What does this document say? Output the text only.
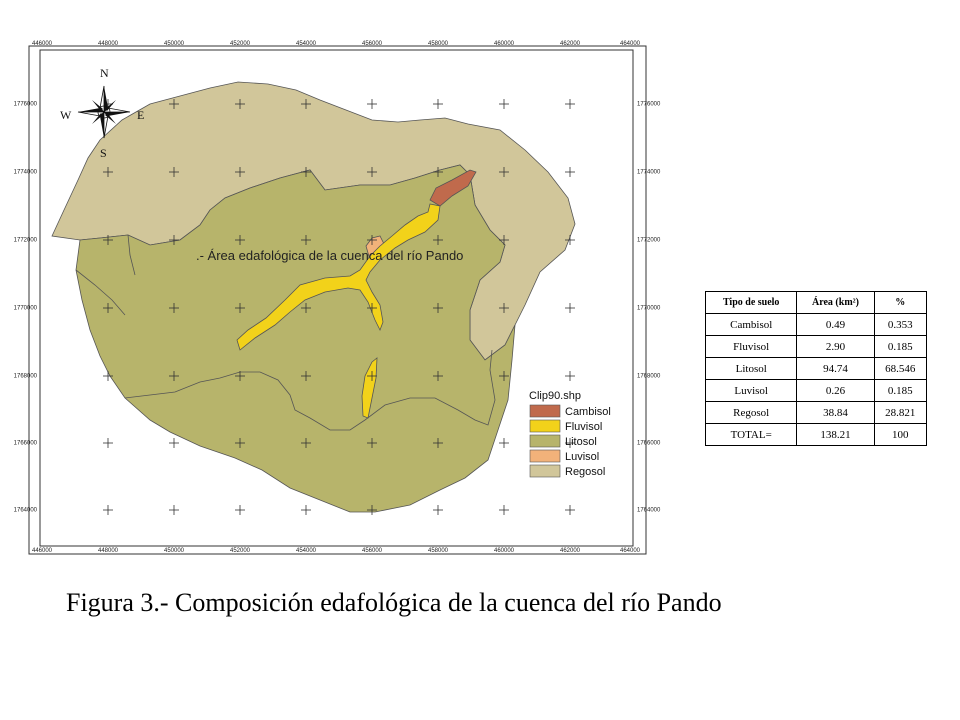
446000	448000	450000	452000	454000	456000	458000	460000	462000	464000
446000	448000	450000	452000	454000	456000	458000	460000	462000	464000
1776000
1774000
1772000
1770000
1768000
1766000
1764000
1776000
1774000
1772000
1770000
1768000
1766000
1764000
.- Área edafológica de la cuenca del río Pando
N
S
E
W
Clip90.shp
Cambisol
Fluvisol
Litosol
Luvisol
Regosol
Tipo de suelo	Área (km²)	%
Cambisol	0.49	0.353
Fluvisol	2.90	0.185
Litosol	94.74	68.546
Luvisol	0.26	0.185
Regosol	38.84	28.821
TOTAL=	138.21	100
Figura 3.- Composición edafológica de la cuenca del río Pando
